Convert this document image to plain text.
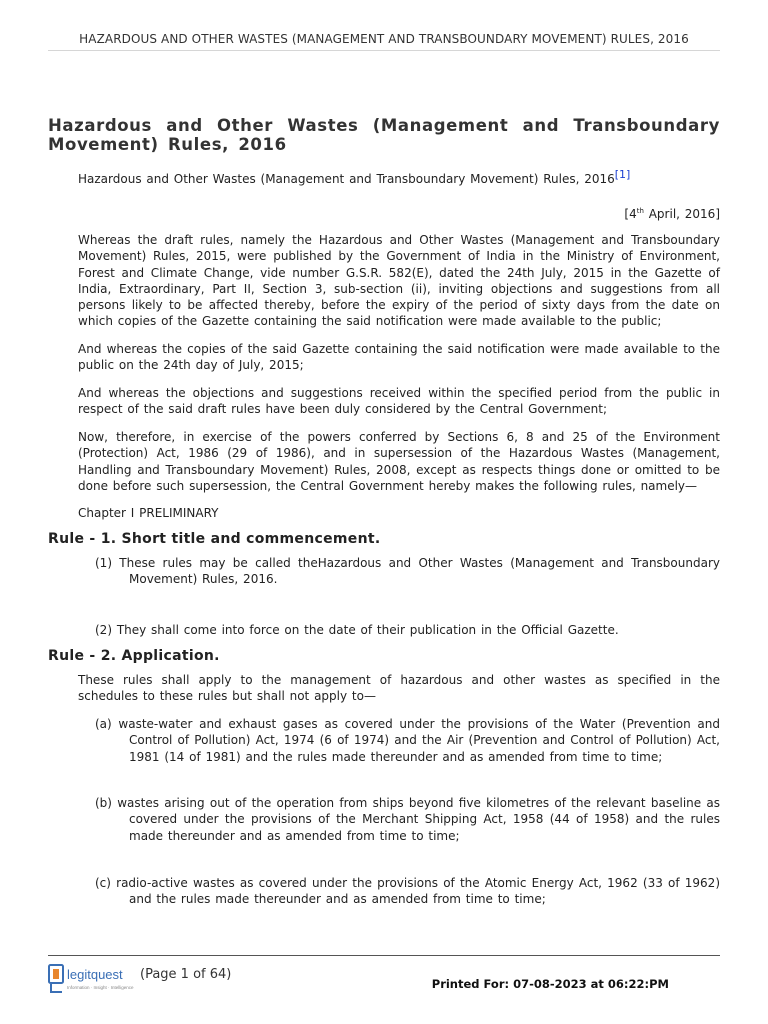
HAZARDOUS AND OTHER WASTES (MANAGEMENT AND TRANSBOUNDARY MOVEMENT) RULES, 2016
Hazardous and Other Wastes (Management and Transboundary Movement) Rules, 2016
Hazardous and Other Wastes (Management and Transboundary Movement) Rules, 2016[1]
[4th April, 2016]
Whereas the draft rules, namely the Hazardous and Other Wastes (Management and Transboundary Movement) Rules, 2015, were published by the Government of India in the Ministry of Environment, Forest and Climate Change, vide number G.S.R. 582(E), dated the 24th July, 2015 in the Gazette of India, Extraordinary, Part II, Section 3, sub-section (ii), inviting objections and suggestions from all persons likely to be affected thereby, before the expiry of the period of sixty days from the date on which copies of the Gazette containing the said notification were made available to the public;
And whereas the copies of the said Gazette containing the said notification were made available to the public on the 24th day of July, 2015;
And whereas the objections and suggestions received within the specified period from the public in respect of the said draft rules have been duly considered by the Central Government;
Now, therefore, in exercise of the powers conferred by Sections 6, 8 and 25 of the Environment (Protection) Act, 1986 (29 of 1986), and in supersession of the Hazardous Wastes (Management, Handling and Transboundary Movement) Rules, 2008, except as respects things done or omitted to be done before such supersession, the Central Government hereby makes the following rules, namely—
Chapter I PRELIMINARY
Rule - 1. Short title and commencement.
(1) These rules may be called theHazardous and Other Wastes (Management and Transboundary Movement) Rules, 2016.
(2) They shall come into force on the date of their publication in the Official Gazette.
Rule - 2. Application.
These rules shall apply to the management of hazardous and other wastes as specified in the schedules to these rules but shall not apply to—
(a) waste-water and exhaust gases as covered under the provisions of the Water (Prevention and Control of Pollution) Act, 1974 (6 of 1974) and the Air (Prevention and Control of Pollution) Act, 1981 (14 of 1981) and the rules made thereunder and as amended from time to time;
(b) wastes arising out of the operation from ships beyond five kilometres of the relevant baseline as covered under the provisions of the Merchant Shipping Act, 1958 (44 of 1958) and the rules made thereunder and as amended from time to time;
(c) radio-active wastes as covered under the provisions of the Atomic Energy Act, 1962 (33 of 1962) and the rules made thereunder and as amended from time to time;
legitquest
Information · Insight · Intelligence
(Page 1 of 64)
Printed For: 07-08-2023 at 06:22:PM
